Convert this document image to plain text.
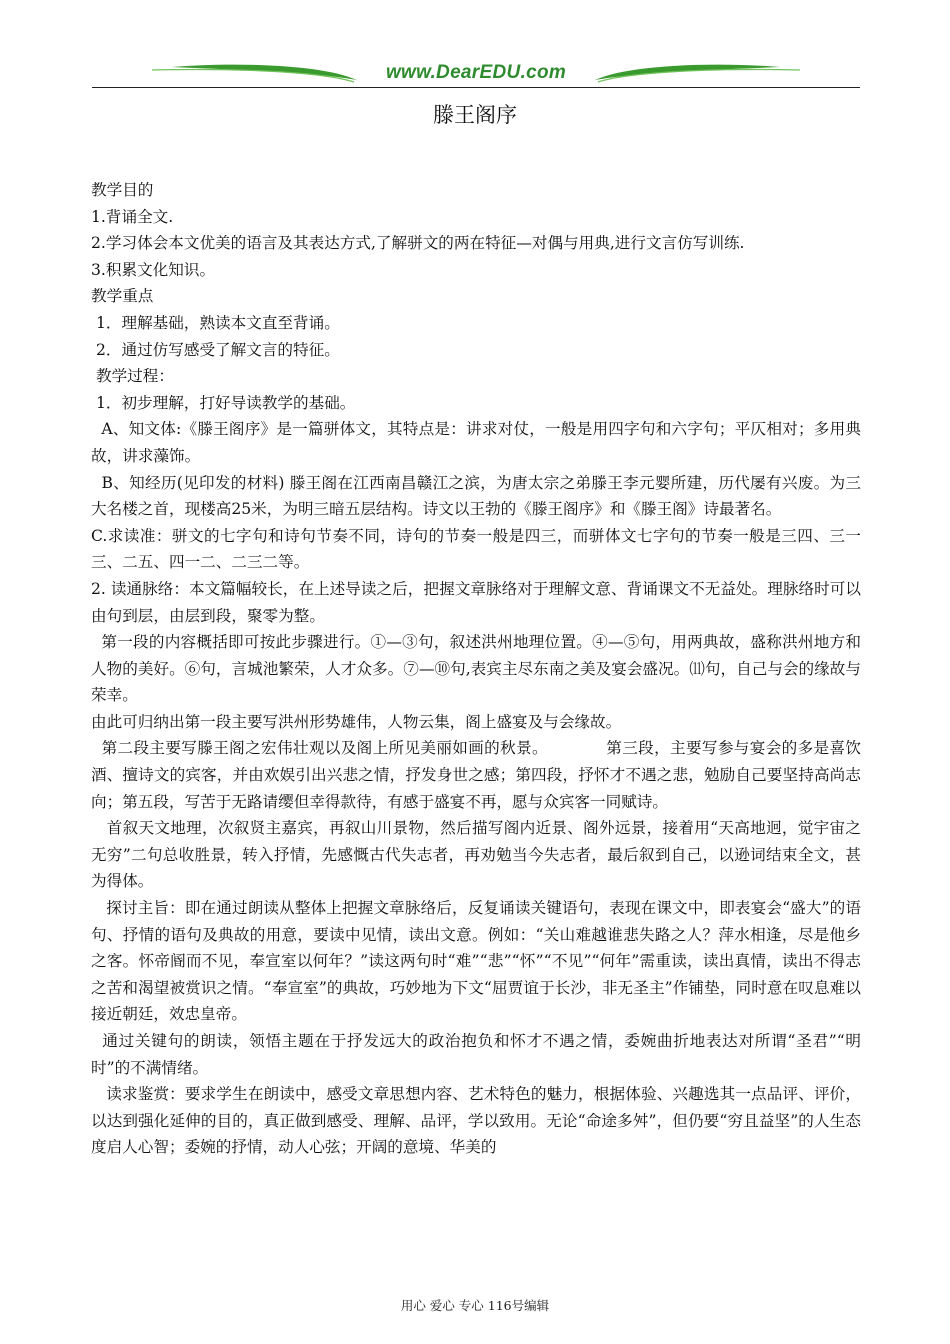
www.DearEDU.com
滕王阁序

教学目的

1.背诵全文.

2.学习体会本文优美的语言及其表达方式,了解骈文的两在特征—对偶与用典,进行文言仿写训练.

3.积累文化知识。

教学重点

1．理解基础，熟读本文直至背诵。

2．通过仿写感受了解文言的特征。

教学过程：

1．初步理解，打好导读教学的基础。

A、知文体:《滕王阁序》是一篇骈体文，其特点是：讲求对仗，一般是用四字句和六字句；平仄相对；多用典故，讲求藻饰。

B、知经历(见印发的材料) 滕王阁在江西南昌赣江之滨，为唐太宗之弟滕王李元婴所建，历代屡有兴废。为三大名楼之首，现楼高25米，为明三暗五层结构。诗文以王勃的《滕王阁序》和《滕王阁》诗最著名。

C.求读准：骈文的七字句和诗句节奏不同，诗句的节奏一般是四三，而骈体文七字句的节奏一般是三四、三一三、二五、四一二、二三二等。

2. 读通脉络：本文篇幅较长，在上述导读之后，把握文章脉络对于理解文意、背诵课文不无益处。理脉络时可以由句到层，由层到段，聚零为整。

第一段的内容概括即可按此步骤进行。①—③句，叙述洪州地理位置。④—⑤句，用两典故，盛称洪州地方和人物的美好。⑥句，言城池繁荣，人才众多。⑦—⑩句,表宾主尽东南之美及宴会盛况。⑾句，自己与会的缘故与荣幸。

由此可归纳出第一段主要写洪州形势雄伟，人物云集，阁上盛宴及与会缘故。

第二段主要写滕王阁之宏伟壮观以及阁上所见美丽如画的秋景。           第三段，主要写参与宴会的多是喜饮酒、擅诗文的宾客，并由欢娱引出兴悲之情，抒发身世之感；第四段，抒怀才不遇之悲，勉励自己要坚持高尚志向；第五段，写苦于无路请缨但幸得款待，有感于盛宴不再，愿与众宾客一同赋诗。

首叙天文地理，次叙贤主嘉宾，再叙山川景物，然后描写阁内近景、阁外远景，接着用“天高地迥，觉宇宙之无穷”二句总收胜景，转入抒情，先感慨古代失志者，再劝勉当今失志者，最后叙到自己，以逊词结束全文，甚为得体。

探讨主旨：即在通过朗读从整体上把握文章脉络后，反复诵读关键语句，表现在课文中，即表宴会“盛大”的语句、抒情的语句及典故的用意，要读中见情，读出文意。例如：“关山难越谁悲失路之人？萍水相逢，尽是他乡之客。怀帝阍而不见，奉宣室以何年？”读这两句时“难”“悲”“怀”“不见”“何年”需重读，读出真情，读出不得志之苦和渴望被赏识之情。“奉宣室”的典故，巧妙地为下文“屈贾谊于长沙，非无圣主”作铺垫，同时意在叹息难以接近朝廷，效忠皇帝。

通过关键句的朗读，领悟主题在于抒发远大的政治抱负和怀才不遇之情，委婉曲折地表达对所谓“圣君”“明时”的不满情绪。

读求鉴赏：要求学生在朗读中，感受文章思想内容、艺术特色的魅力，根据体验、兴趣选其一点品评、评价，以达到强化延伸的目的，真正做到感受、理解、品评，学以致用。无论“命途多舛”，但仍要“穷且益坚”的人生态度启人心智；委婉的抒情，动人心弦；开阔的意境、华美的

用心 爱心 专心 116号编辑
